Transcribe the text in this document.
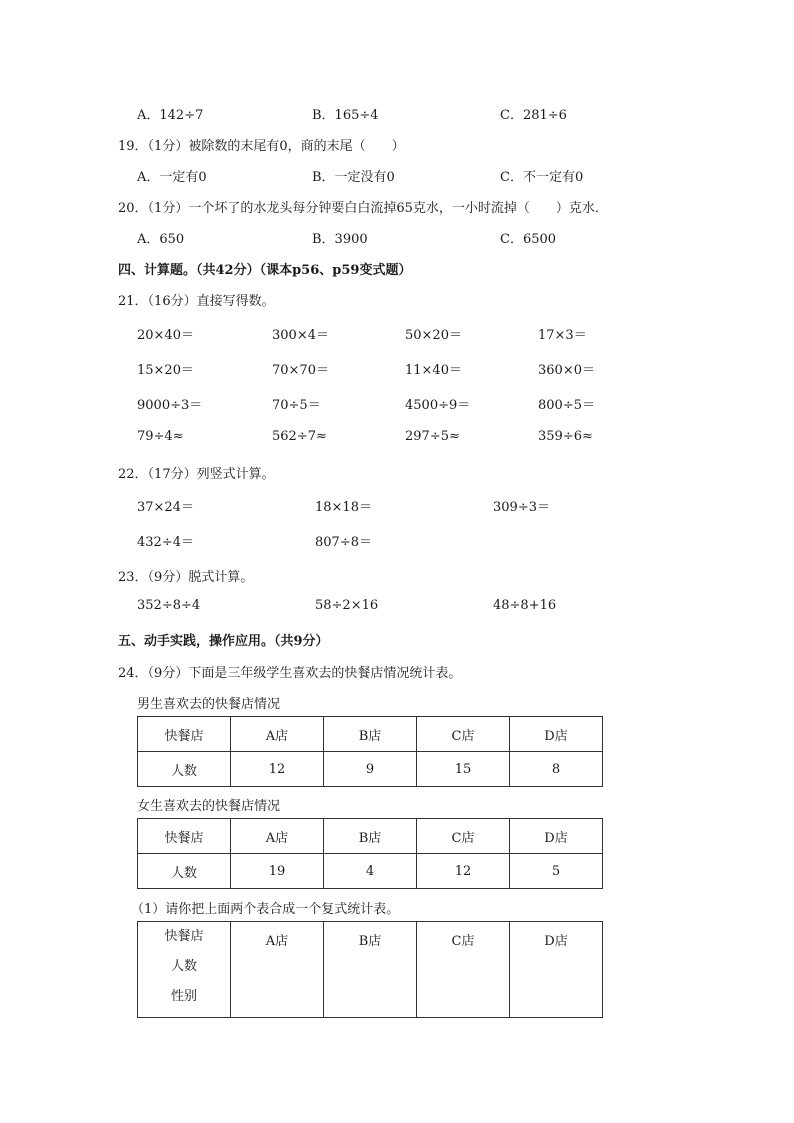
A．142÷7	B．165÷4	C．281÷6
19．（1分）被除数的末尾有0，商的末尾（　　）
A．一定有0	B．一定没有0	C．不一定有0
20．（1分）一个坏了的水龙头每分钟要白白流掉65克水，一小时流掉（　　）克水．
A．650	B．3900	C．6500
四、计算题。（共42分）（课本p56、p59变式题）
21．（16分）直接写得数。
20×40＝	300×4＝	50×20＝	17×3＝
15×20＝	70×70＝	11×40＝	360×0＝
9000÷3＝	70÷5＝	4500÷9＝	800÷5＝
79÷4≈	562÷7≈	297÷5≈	359÷6≈
22．（17分）列竖式计算。
37×24＝	18×18＝	309÷3＝
432÷4＝	807÷8＝
23．（9分）脱式计算。
352÷8÷4	58÷2×16	48÷8+16
五、动手实践，操作应用。（共9分）
24．（9分）下面是三年级学生喜欢去的快餐店情况统计表。
男生喜欢去的快餐店情况
快餐店	A店	B店	C店	D店
人数	12	9	15	8
女生喜欢去的快餐店情况
快餐店	A店	B店	C店	D店
人数	19	4	12	5
（1）请你把上面两个表合成一个复式统计表。
快餐店
人数
性别
	A店	B店	C店	D店
